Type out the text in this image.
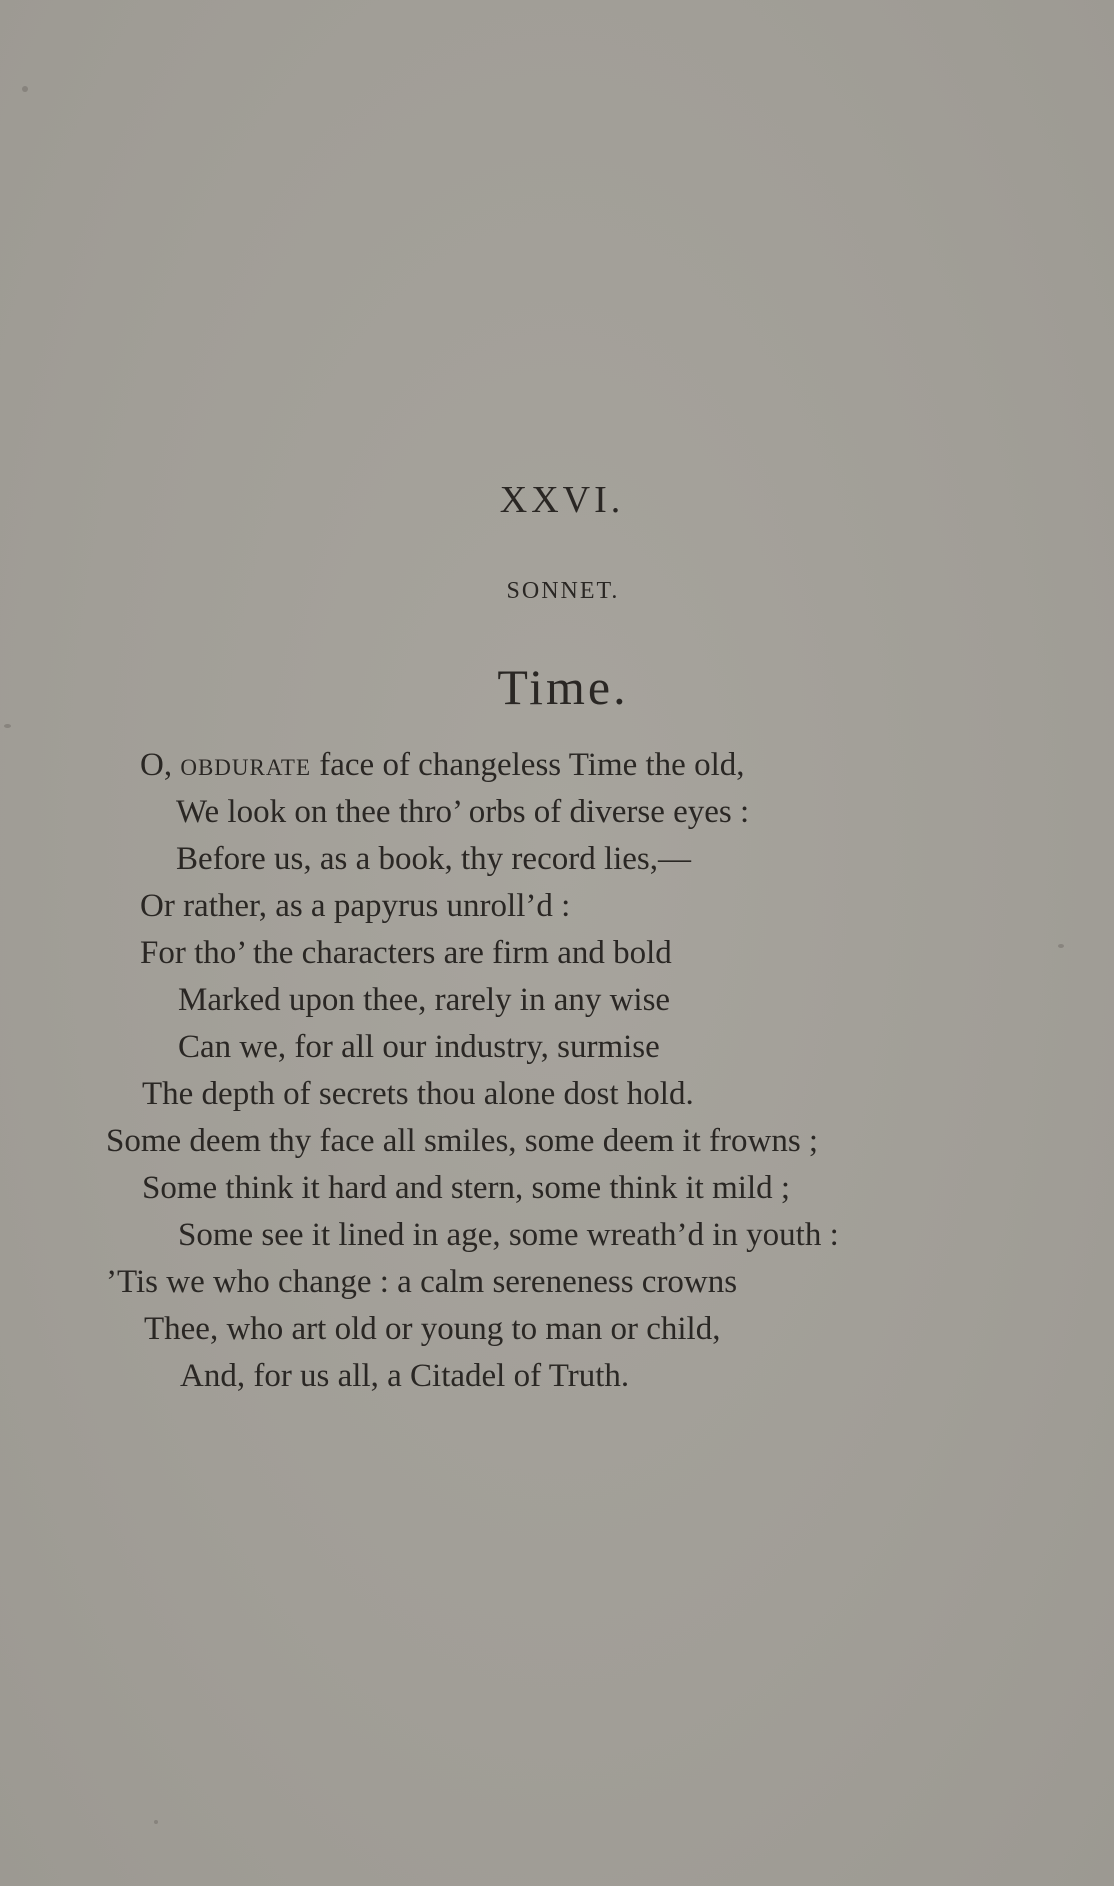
XXVI.
SONNET.
Time.
O, obdurate face of changeless Time the old,
We look on thee thro’ orbs of diverse eyes :
Before us, as a book, thy record lies,—
Or rather, as a papyrus unroll’d :
For tho’ the characters are firm and bold
Marked upon thee, rarely in any wise
Can we, for all our industry, surmise
The depth of secrets thou alone dost hold.
Some deem thy face all smiles, some deem it frowns ;
Some think it hard and stern, some think it mild ;
Some see it lined in age, some wreath’d in youth :
’Tis we who change : a calm sereneness crowns
Thee, who art old or young to man or child,
And, for us all, a Citadel of Truth.
